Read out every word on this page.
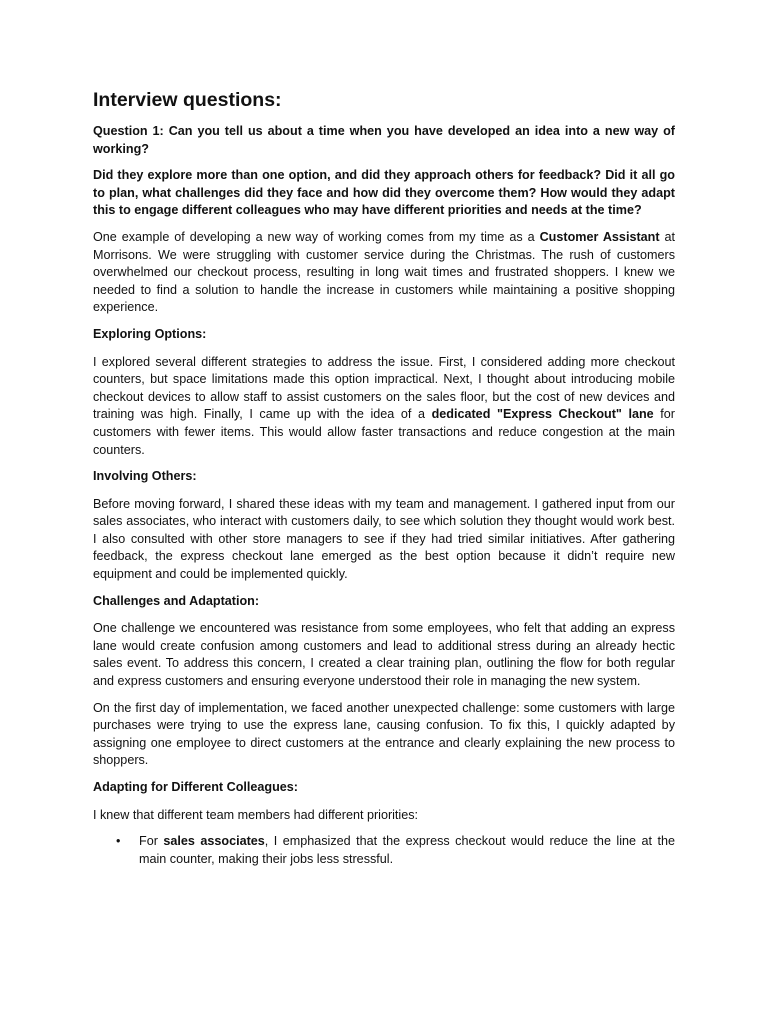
Interview questions:

Question 1: Can you tell us about a time when you have developed an idea into a new way of working?

Did they explore more than one option, and did they approach others for feedback? Did it all go to plan, what challenges did they face and how did they overcome them? How would they adapt this to engage different colleagues who may have different priorities and needs at the time?

One example of developing a new way of working comes from my time as a Customer Assistant at Morrisons. We were struggling with customer service during the Christmas. The rush of customers overwhelmed our checkout process, resulting in long wait times and frustrated shoppers. I knew we needed to find a solution to handle the increase in customers while maintaining a positive shopping experience.

Exploring Options:

I explored several different strategies to address the issue. First, I considered adding more checkout counters, but space limitations made this option impractical. Next, I thought about introducing mobile checkout devices to allow staff to assist customers on the sales floor, but the cost of new devices and training was high. Finally, I came up with the idea of a dedicated "Express Checkout" lane for customers with fewer items. This would allow faster transactions and reduce congestion at the main counters.

Involving Others:

Before moving forward, I shared these ideas with my team and management. I gathered input from our sales associates, who interact with customers daily, to see which solution they thought would work best. I also consulted with other store managers to see if they had tried similar initiatives. After gathering feedback, the express checkout lane emerged as the best option because it didn’t require new equipment and could be implemented quickly.

Challenges and Adaptation:

One challenge we encountered was resistance from some employees, who felt that adding an express lane would create confusion among customers and lead to additional stress during an already hectic sales event. To address this concern, I created a clear training plan, outlining the flow for both regular and express customers and ensuring everyone understood their role in managing the new system.

On the first day of implementation, we faced another unexpected challenge: some customers with large purchases were trying to use the express lane, causing confusion. To fix this, I quickly adapted by assigning one employee to direct customers at the entrance and clearly explaining the new process to shoppers.

Adapting for Different Colleagues:

I knew that different team members had different priorities:

• For sales associates, I emphasized that the express checkout would reduce the line at the main counter, making their jobs less stressful.
